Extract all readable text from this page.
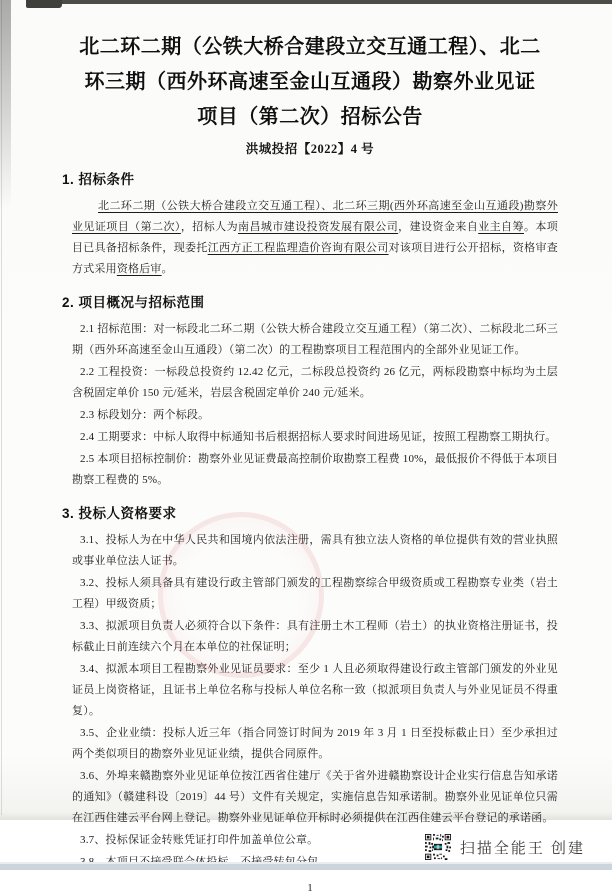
北二环二期（公铁大桥合建段立交互通工程）、北二环三期（西外环高速至金山互通段）勘察外业见证项目（第二次）招标公告
洪城投招【2022】4 号
1. 招标条件

北二环二期（公铁大桥合建段立交互通工程）、北二环三期(西外环高速至金山互通段)勘察外业见证项目（第二次），招标人为南昌城市建设投资发展有限公司，建设资金来自业主自筹。本项目已具备招标条件，现委托江西方正工程监理造价咨询有限公司对该项目进行公开招标，资格审查方式采用资格后审。

2. 项目概况与招标范围

2.1 招标范围：对一标段北二环二期（公铁大桥合建段立交互通工程）（第二次）、二标段北二环三期（西外环高速至金山互通段）（第二次）的工程勘察项目工程范围内的全部外业见证工作。

2.2 工程投资：一标段总投资约 12.42 亿元，二标段总投资约 26 亿元，两标段勘察中标均为土层含税固定单价 150 元/延米，岩层含税固定单价 240 元/延米。

2.3 标段划分：两个标段。

2.4 工期要求：中标人取得中标通知书后根据招标人要求时间进场见证，按照工程勘察工期执行。

2.5 本项目招标控制价：勘察外业见证费最高控制价取勘察工程费 10%，最低报价不得低于本项目勘察工程费的 5%。

3. 投标人资格要求

3.1、投标人为在中华人民共和国境内依法注册，需具有独立法人资格的单位提供有效的营业执照或事业单位法人证书。

3.2、投标人须具备具有建设行政主管部门颁发的工程勘察综合甲级资质或工程勘察专业类（岩土工程）甲级资质；

3.3、拟派项目负责人必须符合以下条件：具有注册土木工程师（岩土）的执业资格注册证书，投标截止日前连续六个月在本单位的社保证明；

3.4、拟派本项目工程勘察外业见证员要求：至少 1 人且必须取得建设行政主管部门颁发的外业见证员上岗资格证，且证书上单位名称与投标人单位名称一致（拟派项目负责人与外业见证员不得重复）。

3.5、企业业绩：投标人近三年（指合同签订时间为 2019 年 3 月 1 日至投标截止日）至少承担过两个类似项目的勘察外业见证业绩，提供合同原件。

3.6、外埠来赣勘察外业见证单位按江西省住建厅《关于省外进赣勘察设计企业实行信息告知承诺的通知》（赣建科设〔2019〕44 号）文件有关规定，实施信息告知承诺制。勘察外业见证单位只需在江西住建云平台网上登记。勘察外业见证单位开标时必须提供在江西住建云平台登记的承诺函。

3.7、投标保证金转账凭证打印件加盖单位公章。

1
扫描全能王 创建
